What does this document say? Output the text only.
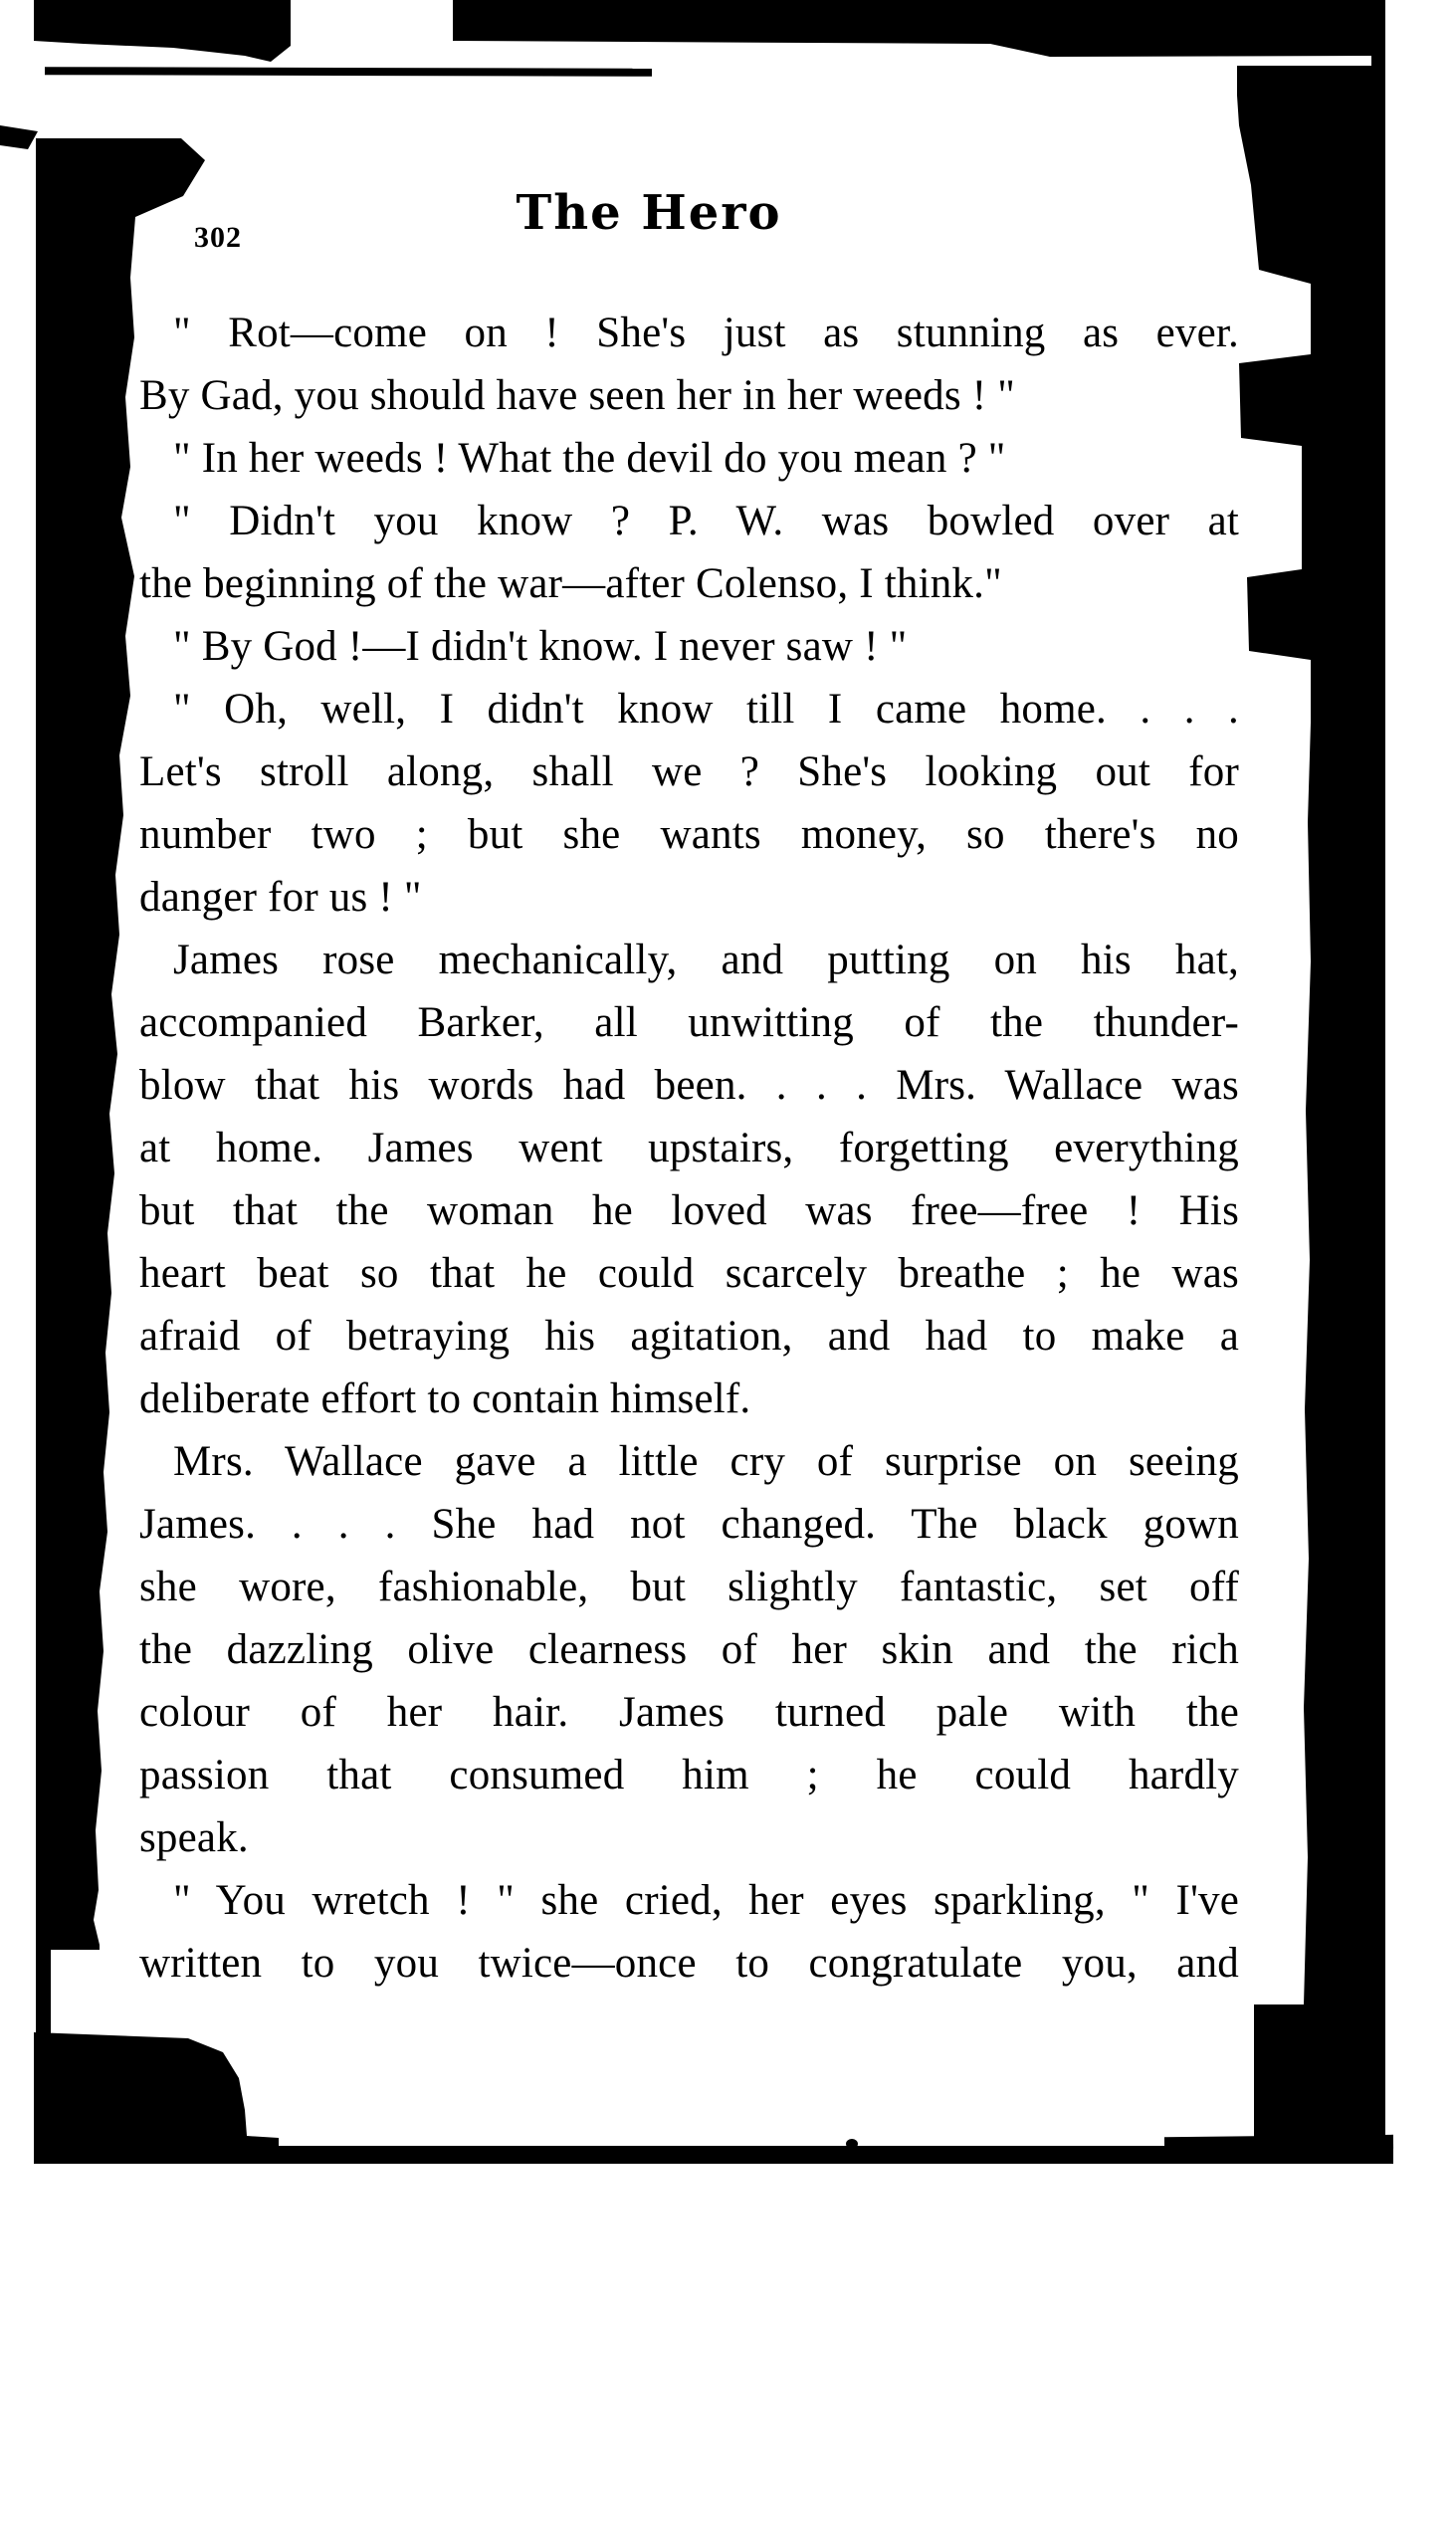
302	The Hero
" Rot—come on ! She's just as stunning as ever.
By Gad, you should have seen her in her weeds ! "
" In her weeds ! What the devil do you mean ? "
" Didn't you know ? P. W. was bowled over at
the beginning of the war—after Colenso, I think."
" By God !—I didn't know. I never saw ! "
" Oh, well, I didn't know till I came home. . . .
Let's stroll along, shall we ? She's looking out for
number two ; but she wants money, so there's no
danger for us ! "
James rose mechanically, and putting on his hat,
accompanied Barker, all unwitting of the thunder-
blow that his words had been. . . . Mrs. Wallace was
at home. James went upstairs, forgetting everything
but that the woman he loved was free—free ! His
heart beat so that he could scarcely breathe ; he was
afraid of betraying his agitation, and had to make a
deliberate effort to contain himself.
Mrs. Wallace gave a little cry of surprise on seeing
James. . . . She had not changed. The black gown
she wore, fashionable, but slightly fantastic, set off
the dazzling olive clearness of her skin and the rich
colour of her hair. James turned pale with the
passion that consumed him ; he could hardly
speak.
" You wretch ! " she cried, her eyes sparkling, " I've
written to you twice—once to congratulate you, and
